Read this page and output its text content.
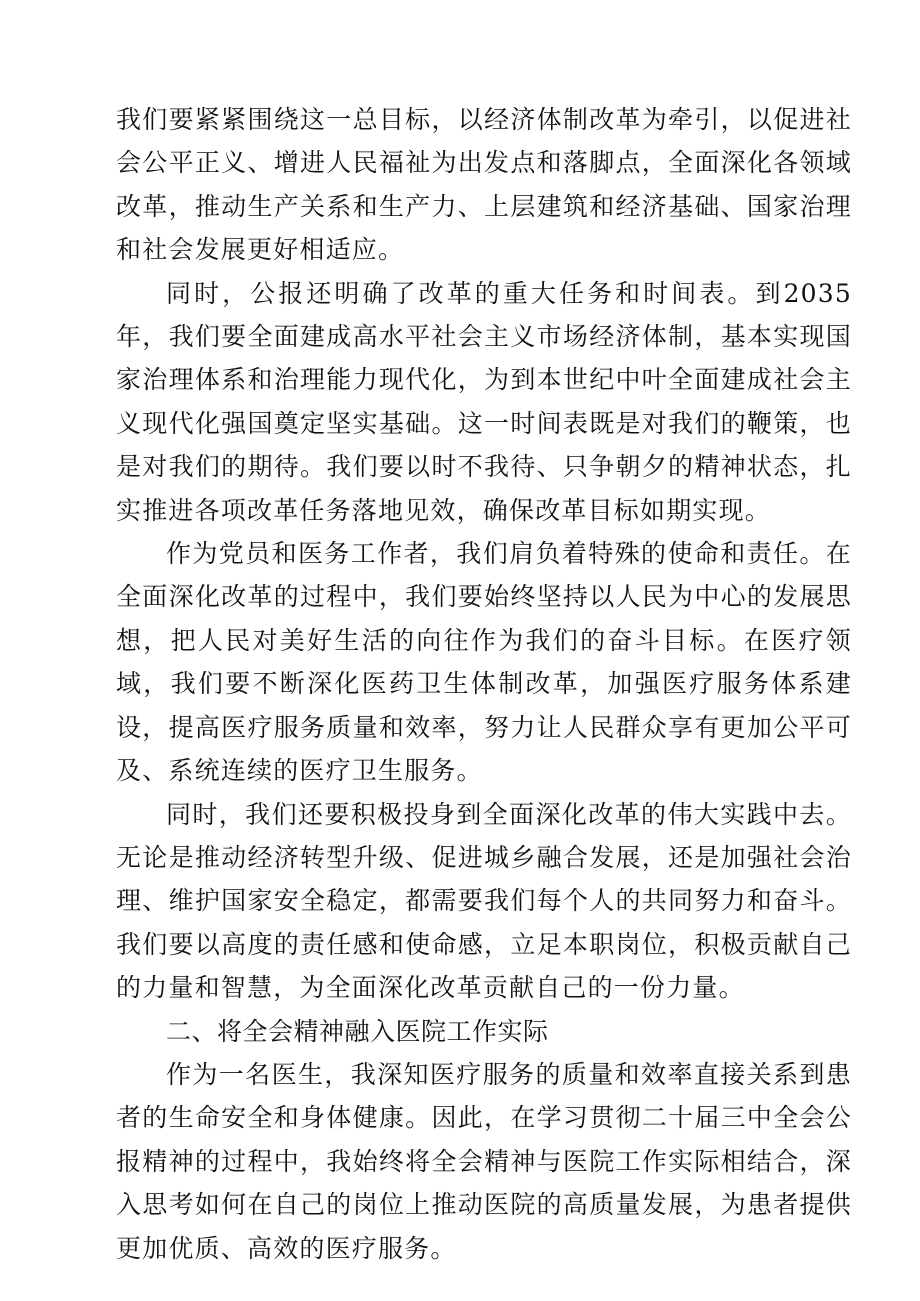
我们要紧紧围绕这一总目标，以经济体制改革为牵引，以促进社会公平正义、增进人民福祉为出发点和落脚点，全面深化各领域改革，推动生产关系和生产力、上层建筑和经济基础、国家治理和社会发展更好相适应。

同时，公报还明确了改革的重大任务和时间表。到2035年，我们要全面建成高水平社会主义市场经济体制，基本实现国家治理体系和治理能力现代化，为到本世纪中叶全面建成社会主义现代化强国奠定坚实基础。这一时间表既是对我们的鞭策，也是对我们的期待。我们要以时不我待、只争朝夕的精神状态，扎实推进各项改革任务落地见效，确保改革目标如期实现。

作为党员和医务工作者，我们肩负着特殊的使命和责任。在全面深化改革的过程中，我们要始终坚持以人民为中心的发展思想，把人民对美好生活的向往作为我们的奋斗目标。在医疗领域，我们要不断深化医药卫生体制改革，加强医疗服务体系建设，提高医疗服务质量和效率，努力让人民群众享有更加公平可及、系统连续的医疗卫生服务。

同时，我们还要积极投身到全面深化改革的伟大实践中去。无论是推动经济转型升级、促进城乡融合发展，还是加强社会治理、维护国家安全稳定，都需要我们每个人的共同努力和奋斗。我们要以高度的责任感和使命感，立足本职岗位，积极贡献自己的力量和智慧，为全面深化改革贡献自己的一份力量。

二、将全会精神融入医院工作实际

作为一名医生，我深知医疗服务的质量和效率直接关系到患者的生命安全和身体健康。因此，在学习贯彻二十届三中全会公报精神的过程中，我始终将全会精神与医院工作实际相结合，深入思考如何在自己的岗位上推动医院的高质量发展，为患者提供更加优质、高效的医疗服务。
